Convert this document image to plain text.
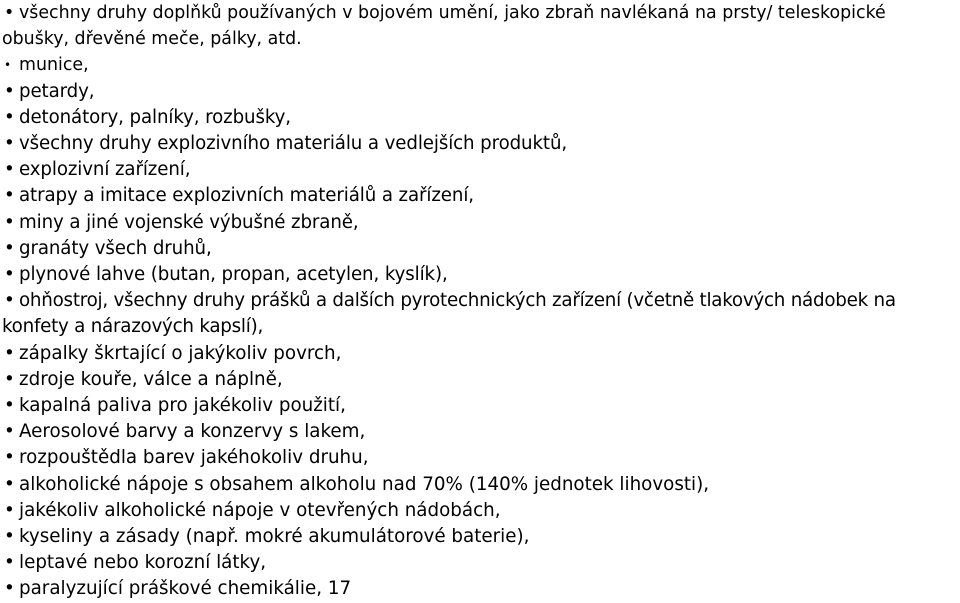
• všechny druhy doplňků používaných v bojovém umění, jako zbraň navlékaná na prsty/ teleskopické
obušky, dřevěné meče, pálky, atd.
• munice,
• petardy,
• detonátory, palníky, rozbušky,
• všechny druhy explozivního materiálu a vedlejších produktů,
• explozivní zařízení,
• atrapy a imitace explozivních materiálů a zařízení,
• miny a jiné vojenské výbušné zbraně,
• granáty všech druhů,
• plynové lahve (butan, propan, acetylen, kyslík),
• ohňostroj, všechny druhy prášků a dalších pyrotechnických zařízení (včetně tlakových nádobek na
konfety a nárazových kapslí),
• zápalky škrtající o jakýkoliv povrch,
• zdroje kouře, válce a náplně,
• kapalná paliva pro jakékoliv použití,
• Aerosolové barvy a konzervy s lakem,
• rozpouštědla barev jakéhokoliv druhu,
• alkoholické nápoje s obsahem alkoholu nad 70% (140% jednotek lihovosti),
• jakékoliv alkoholické nápoje v otevřených nádobách,
• kyseliny a zásady (např. mokré akumulátorové baterie),
• leptavé nebo korozní látky,
• paralyzující práškové chemikálie, 17
